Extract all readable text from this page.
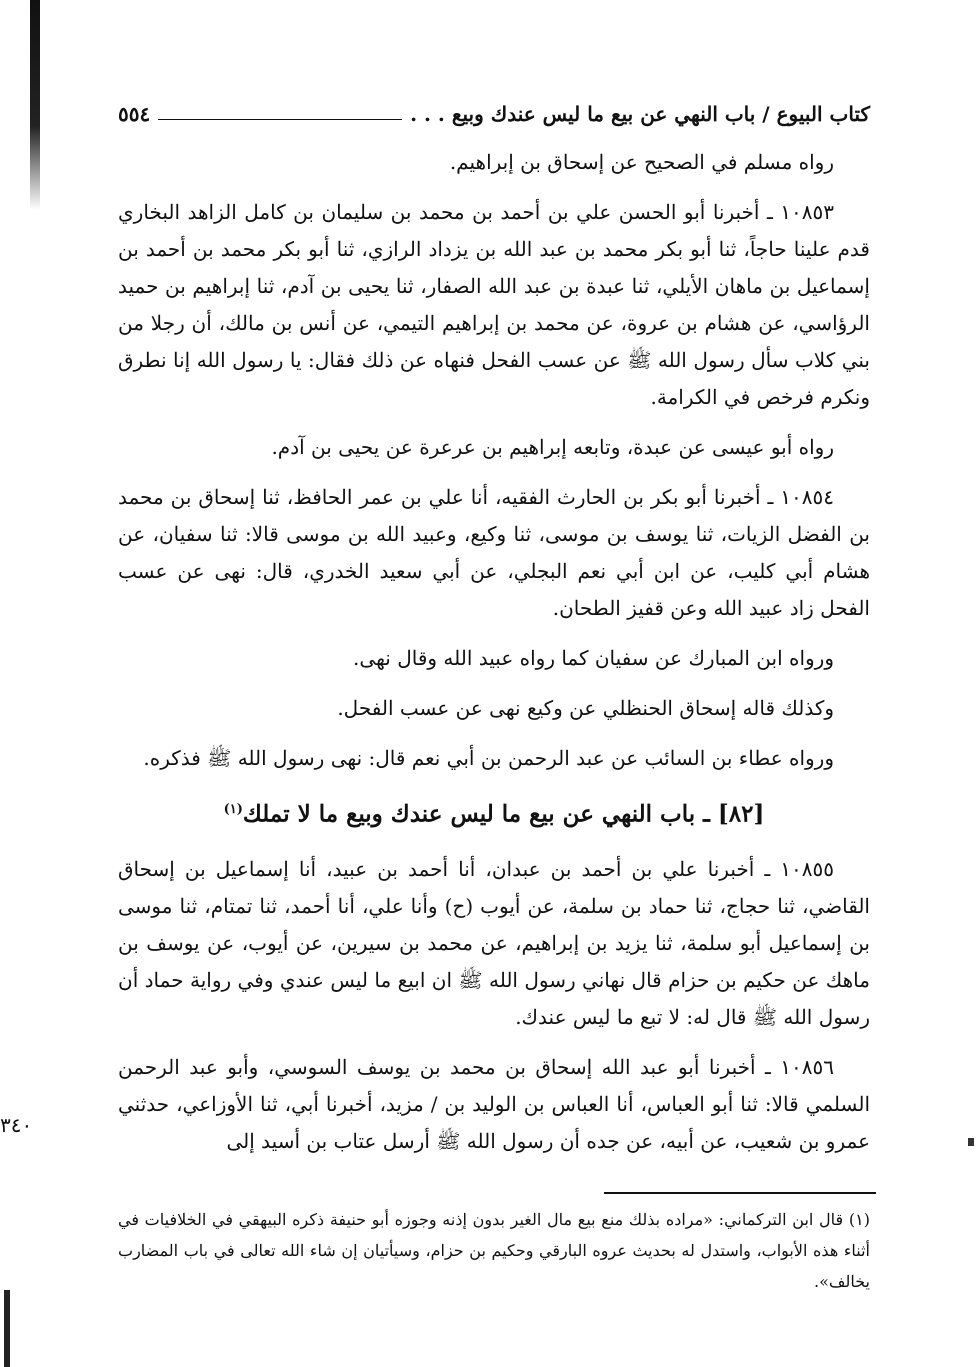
كتاب البيوع / باب النهي عن بيع ما ليس عندك وبيع . . .
٥٥٤

رواه مسلم في الصحيح عن إسحاق بن إبراهيم.

١٠٨٥٣ ـ أخبرنا أبو الحسن علي بن أحمد بن محمد بن سليمان بن كامل الزاهد البخاري قدم علينا حاجاً، ثنا أبو بكر محمد بن عبد الله بن يزداد الرازي، ثنا أبو بكر محمد بن أحمد بن إسماعيل بن ماهان الأيلي، ثنا عبدة بن عبد الله الصفار، ثنا يحيى بن آدم، ثنا إبراهيم بن حميد الرؤاسي، عن هشام بن عروة، عن محمد بن إبراهيم التيمي، عن أنس بن مالك، أن رجلا من بني كلاب سأل رسول الله ﷺ عن عسب الفحل فنهاه عن ذلك فقال: يا رسول الله إنا نطرق ونكرم فرخص في الكرامة.

رواه أبو عيسى عن عبدة، وتابعه إبراهيم بن عرعرة عن يحيى بن آدم.

١٠٨٥٤ ـ أخبرنا أبو بكر بن الحارث الفقيه، أنا علي بن عمر الحافظ، ثنا إسحاق بن محمد بن الفضل الزيات، ثنا يوسف بن موسى، ثنا وكيع، وعبيد الله بن موسى قالا: ثنا سفيان، عن هشام أبي كليب، عن ابن أبي نعم البجلي، عن أبي سعيد الخدري، قال: نهى عن عسب الفحل زاد عبيد الله وعن قفيز الطحان.

ورواه ابن المبارك عن سفيان كما رواه عبيد الله وقال نهى.

وكذلك قاله إسحاق الحنظلي عن وكيع نهى عن عسب الفحل.

ورواه عطاء بن السائب عن عبد الرحمن بن أبي نعم قال: نهى رسول الله ﷺ فذكره.

[٨٢] ـ باب النهي عن بيع ما ليس عندك وبيع ما لا تملك$^{(١)}$

١٠٨٥٥ ـ أخبرنا علي بن أحمد بن عبدان، أنا أحمد بن عبيد، أنا إسماعيل بن إسحاق القاضي، ثنا حجاج، ثنا حماد بن سلمة، عن أيوب (ح) وأنا علي، أنا أحمد، ثنا تمتام، ثنا موسى بن إسماعيل أبو سلمة، ثنا يزيد بن إبراهيم، عن محمد بن سيرين، عن أيوب، عن يوسف بن ماهك عن حكيم بن حزام قال نهاني رسول الله ﷺ ان ابيع ما ليس عندي وفي رواية حماد أن رسول الله ﷺ قال له: لا تبع ما ليس عندك.

١٠٨٥٦ ـ أخبرنا أبو عبد الله إسحاق بن محمد بن يوسف السوسي، وأبو عبد الرحمن السلمي قالا: ثنا أبو العباس، أنا العباس بن الوليد بن / مزيد، أخبرنا أبي، ثنا الأوزاعي، حدثني عمرو بن شعيب، عن أبيه، عن جده أن رسول الله ﷺ أرسل عتاب بن أسيد إلى

٣٤٠

(١) قال ابن التركماني: «مراده بذلك منع بيع مال الغير بدون إذنه وجوزه أبو حنيفة ذكره البيهقي في الخلافيات في أثناء هذه الأبواب، واستدل له بحديث عروه البارقي وحكيم بن حزام، وسيأتيان إن شاء الله تعالى في باب المضارب يخالف».
